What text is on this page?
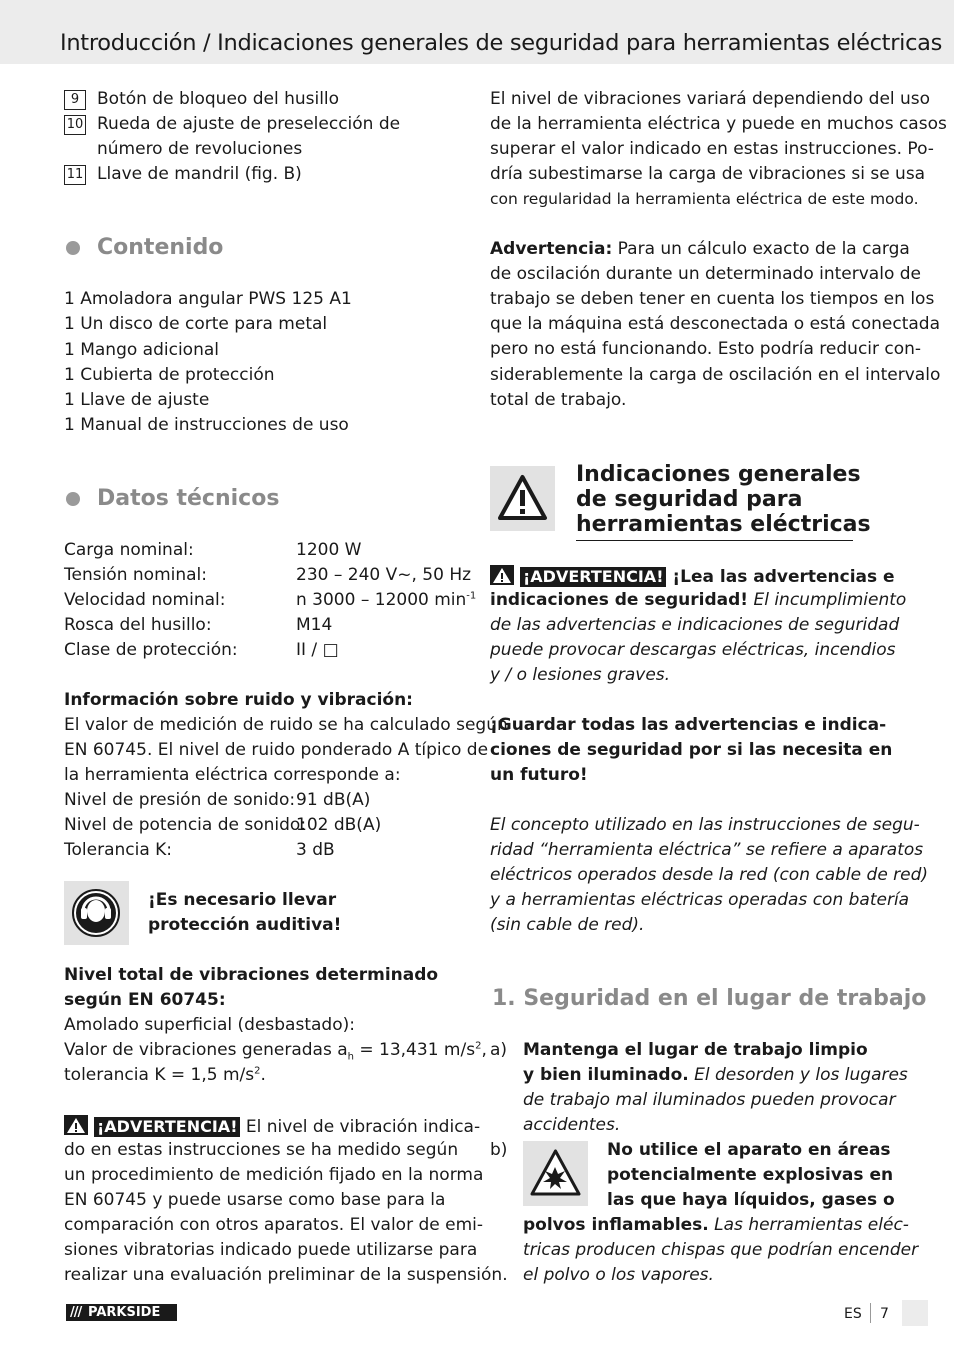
Introducción / Indicaciones generales de seguridad para herramientas eléctricas
9	Botón de bloqueo del husillo
10 Rueda de ajuste de preselección de
número de revoluciones
11 Llave de mandril (fig. B)
Contenido
1 Amoladora angular PWS 125 A1
1 Un disco de corte para metal
1 Mango adicional
1 Cubierta de protección
1 Llave de ajuste
1 Manual de instrucciones de uso
Datos técnicos
Carga nominal:	1200 W
Tensión nominal:	230 – 240 V~, 50 Hz
Velocidad nominal:	n 3000 – 12000 $\min^{-1}$
Rosca del husillo:	M14
Clase de protección:	II / □
Información sobre ruido y vibración:
El valor de medición de ruido se ha calculado según
EN 60745. El nivel de ruido ponderado A típico de
la herramienta eléctrica corresponde a:
Nivel de presión de sonido: 91 dB(A)
Nivel de potencia de sonido:
102 dB(A)
Tolerancia K:	3 dB
¡Es necesario llevar
protección auditiva!
Nivel total de vibraciones determinado
según EN 60745:
Amolado superficial (desbastado):
Valor de vibraciones generadas $a_h = 13,431$ $m/s^2$,
tolerancia K = 1,5 $m/s^2$.
¡ADVERTENCIA! El nivel de vibración indica-
do en estas instrucciones se ha medido según
un procedimiento de medición fijado en la norma
EN 60745 y puede usarse como base para la
comparación con otros aparatos. El valor de emi-
siones vibratorias indicado puede utilizarse para
realizar una evaluación preliminar de la suspensión.
El nivel de vibraciones variará dependiendo del uso
de la herramienta eléctrica y puede en muchos casos
superar el valor indicado en estas instrucciones. Po-
dría subestimarse la carga de vibraciones si se usa
con regularidad la herramienta eléctrica de este modo.
Advertencia: Para un cálculo exacto de la carga
de oscilación durante un determinado intervalo de
trabajo se deben tener en cuenta los tiempos en los
que la máquina está desconectada o está conectada
pero no está funcionando. Esto podría reducir con-
siderablemente la carga de oscilación en el intervalo
total de trabajo.
Indicaciones generales
de seguridad para
herramientas eléctricas
¡ADVERTENCIA! ¡Lea las advertencias e
indicaciones de seguridad! El incumplimiento
de las advertencias e indicaciones de seguridad
puede provocar descargas eléctricas, incendios
y / o lesiones graves.
¡Guardar todas las advertencias e indica-
ciones de seguridad por si las necesita en
un futuro!
El concepto utilizado en las instrucciones de segu-
ridad “herramienta eléctrica” se refiere a aparatos
eléctricos operados desde la red (con cable de red)
y a herramientas eléctricas operadas con batería
(sin cable de red).
1. Seguridad en el lugar de trabajo
a) Mantenga el lugar de trabajo limpio
y bien iluminado. El desorden y los lugares
de trabajo mal iluminados pueden provocar
accidentes.
b)	No utilice el aparato en áreas
potencialmente explosivas en
las que haya líquidos, gases o
polvos inflamables. Las herramientas eléc-
tricas producen chispas que podrían encender
el polvo o los vapores.
/// PARKSIDE	ES 7
